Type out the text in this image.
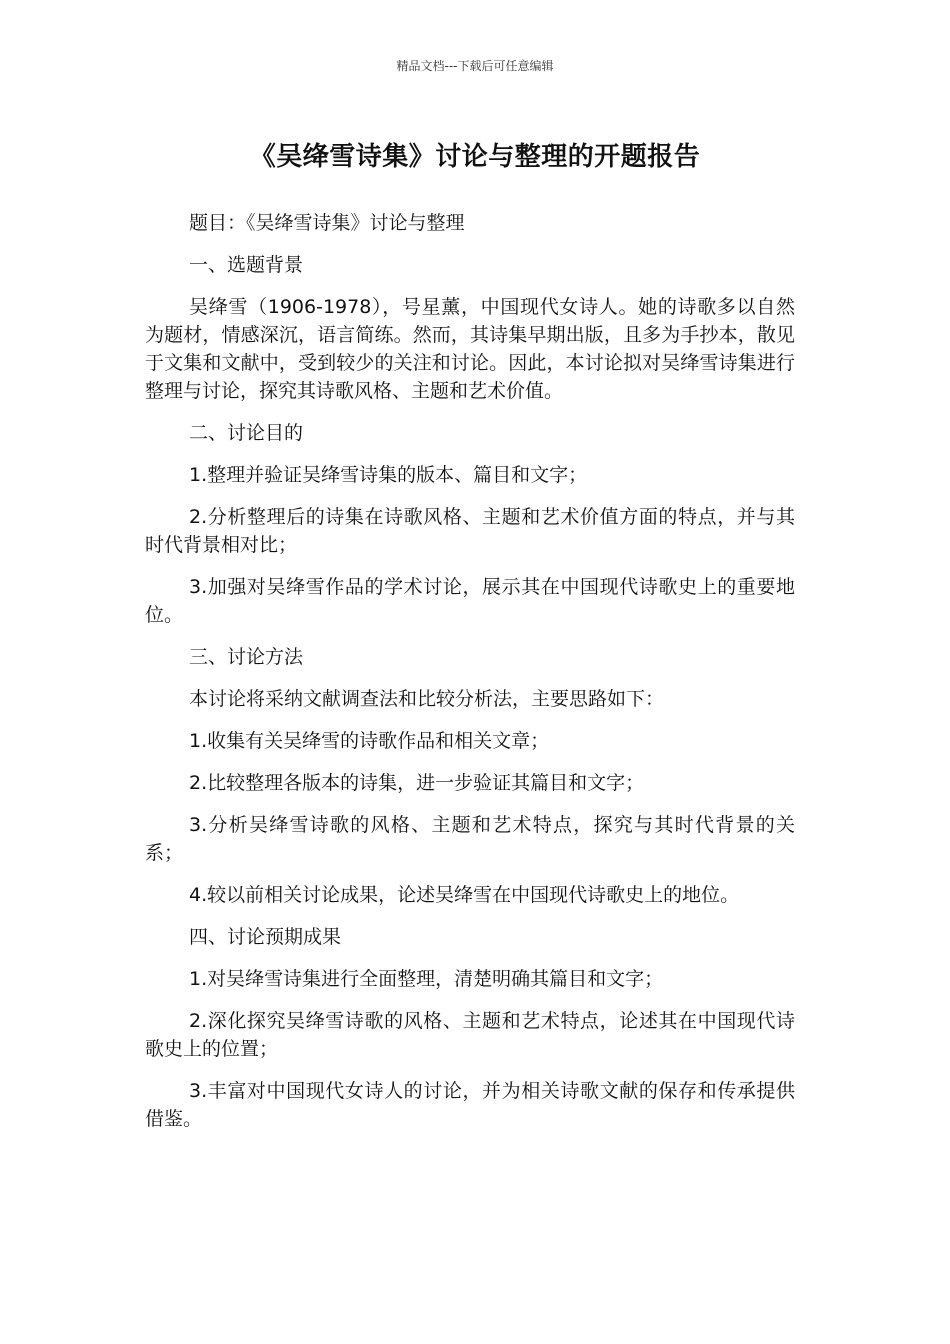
精品文档---下载后可任意编辑
《吴绛雪诗集》讨论与整理的开题报告

题目：《吴绛雪诗集》讨论与整理

一、选题背景

吴绛雪（1906-1978），号星薰，中国现代女诗人。她的诗歌多以自然为题材，情感深沉，语言简练。然而，其诗集早期出版，且多为手抄本，散见于文集和文献中，受到较少的关注和讨论。因此，本讨论拟对吴绛雪诗集进行整理与讨论，探究其诗歌风格、主题和艺术价值。

二、讨论目的

1.整理并验证吴绛雪诗集的版本、篇目和文字；

2.分析整理后的诗集在诗歌风格、主题和艺术价值方面的特点，并与其时代背景相对比；

3.加强对吴绛雪作品的学术讨论，展示其在中国现代诗歌史上的重要地位。

三、讨论方法

本讨论将采纳文献调查法和比较分析法，主要思路如下：

1.收集有关吴绛雪的诗歌作品和相关文章；

2.比较整理各版本的诗集，进一步验证其篇目和文字；

3.分析吴绛雪诗歌的风格、主题和艺术特点，探究与其时代背景的关系；

4.较以前相关讨论成果，论述吴绛雪在中国现代诗歌史上的地位。

四、讨论预期成果

1.对吴绛雪诗集进行全面整理，清楚明确其篇目和文字；

2.深化探究吴绛雪诗歌的风格、主题和艺术特点，论述其在中国现代诗歌史上的位置；

3.丰富对中国现代女诗人的讨论，并为相关诗歌文献的保存和传承提供借鉴。
